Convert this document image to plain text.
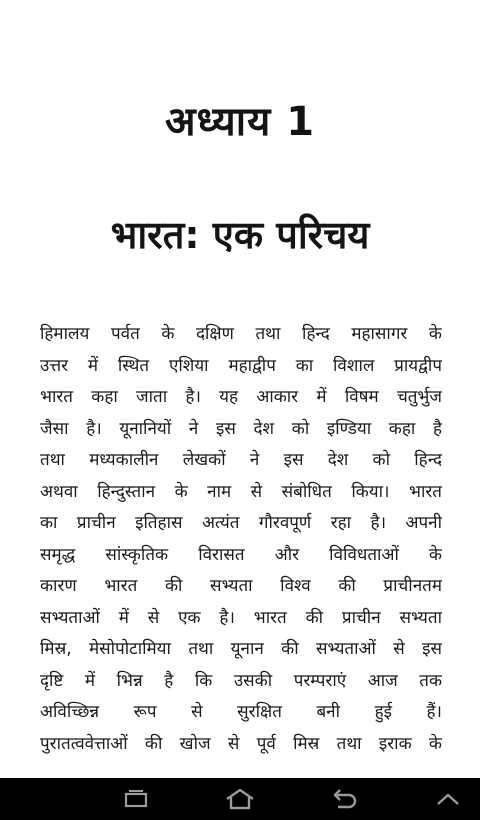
अध्याय 1
भारत: एक परिचय
हिमालय पर्वत के दक्षिण तथा हिन्द महासागर के
उत्तर में स्थित एशिया महाद्वीप का विशाल प्रायद्वीप
भारत कहा जाता है। यह आकार में विषम चतुर्भुज
जैसा है। यूनानियों ने इस देश को इण्डिया कहा है
तथा मध्यकालीन लेखकों ने इस देश को हिन्द
अथवा हिन्दुस्तान के नाम से संबोधित किया। भारत
का प्राचीन इतिहास अत्यंत गौरवपूर्ण रहा है। अपनी
समृद्ध सांस्कृतिक विरासत और विविधताओं के
कारण भारत की सभ्यता विश्व की प्राचीनतम
सभ्यताओं में से एक है। भारत की प्राचीन सभ्यता
मिस्र, मेसोपोटामिया तथा यूनान की सभ्यताओं से इस
दृष्टि में भिन्न है कि उसकी परम्पराएं आज तक
अविच्छिन्न रूप से सुरक्षित बनी हुई हैं।
पुरातत्ववेत्ताओं की खोज से पूर्व मिस्र तथा इराक के
